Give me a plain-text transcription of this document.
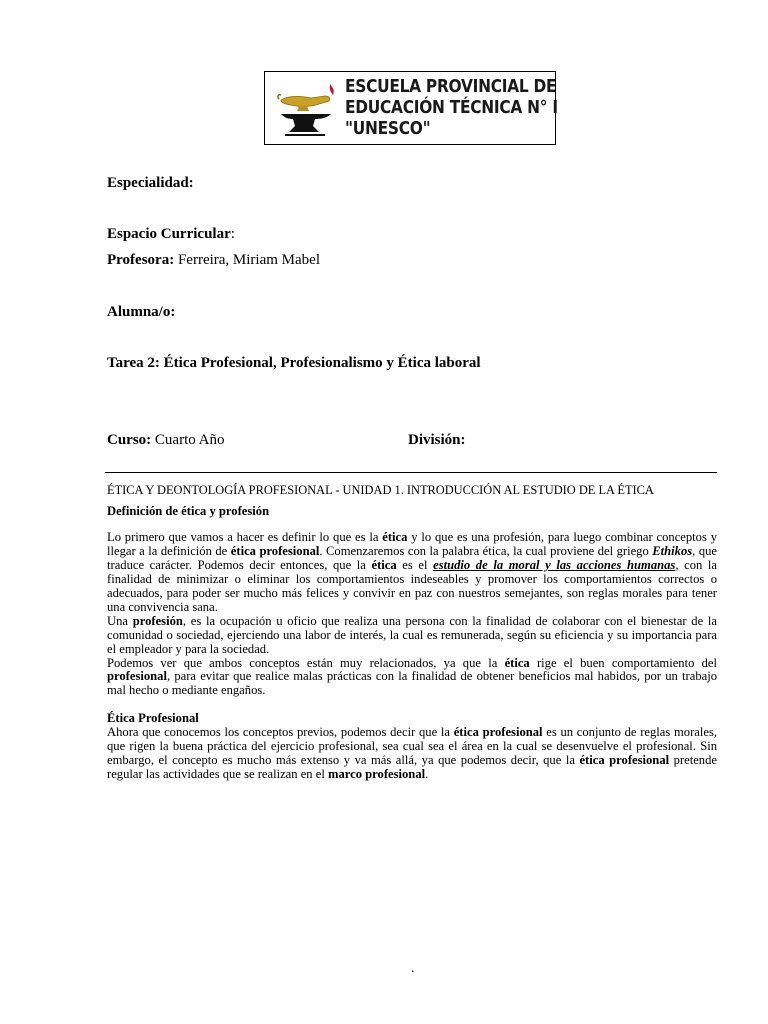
ESCUELA PROVINCIAL DE
EDUCACIÓN TÉCNICA N° I
"UNESCO"
Especialidad:
Espacio Curricular:
Profesora: Ferreira, Miriam Mabel
Alumna/o:
Tarea 2: Ética Profesional, Profesionalismo y Ética laboral
Curso: Cuarto Año	División:
ÉTICA Y DEONTOLOGÍA PROFESIONAL - UNIDAD 1. INTRODUCCIÓN AL ESTUDIO DE LA ÉTICA
Definición de ética y profesión

Lo primero que vamos a hacer es definir lo que es la ética y lo que es una profesión, para luego combinar conceptos y llegar a la definición de ética profesional. Comenzaremos con la palabra ética, la cual proviene del griego Ethikos, que traduce carácter. Podemos decir entonces, que la ética es el estudio de la moral y las acciones humanas, con la finalidad de minimizar o eliminar los comportamientos indeseables y promover los comportamientos correctos o adecuados, para poder ser mucho más felices y convivir en paz con nuestros semejantes, son reglas morales para tener una convivencia sana.

Una profesión, es la ocupación u oficio que realiza una persona con la finalidad de colaborar con el bienestar de la comunidad o sociedad, ejerciendo una labor de interés, la cual es remunerada, según su eficiencia y su importancia para el empleador y para la sociedad.

Podemos ver que ambos conceptos están muy relacionados, ya que la ética rige el buen comportamiento del profesional, para evitar que realice malas prácticas con la finalidad de obtener beneficios mal habidos, por un trabajo mal hecho o mediante engaños.

Ética Profesional

Ahora que conocemos los conceptos previos, podemos decir que la ética profesional es un conjunto de reglas morales, que rigen la buena práctica del ejercicio profesional, sea cual sea el área en la cual se desenvuelve el profesional. Sin embargo, el concepto es mucho más extenso y va más allá, ya que podemos decir, que la ética profesional pretende regular las actividades que se realizan en el marco profesional.

.
